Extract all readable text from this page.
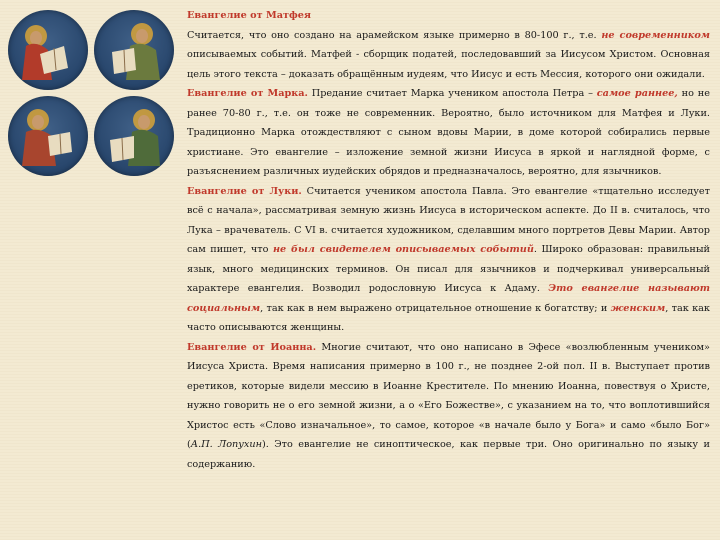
Евангелие от Матфея
Считается, что оно создано на арамейском языке примерно в 80-100 г., т.е. не современником описываемых событий. Матфей - сборщик податей, последовавший за Иисусом Христом. Основная цель этого текста – доказать обращённым иудеям, что Иисус и есть Мессия, которого они ожидали.

Евангелие от Марка. Предание считает Марка учеником апостола Петра – самое раннее, но не ранее 70-80 г., т.е. он тоже не современник. Вероятно, было источником для Матфея и Луки. Традиционно Марка отождествляют с сыном вдовы Марии, в доме которой собирались первые христиане. Это евангелие – изложение земной жизни Иисуса в яркой и наглядной форме, с разъяснением различных иудейских обрядов и предназначалось, вероятно, для язычников.

Евангелие от Луки. Считается учеником апостола Павла. Это евангелие «тщательно исследует всё с начала», рассматривая земную жизнь Иисуса в историческом аспекте. До II в. считалось, что Лука – врачеватель. С VI в. считается художником, сделавшим много портретов Девы Марии. Автор сам пишет, что не был свидетелем описываемых событий. Широко образован: правильный язык, много медицинских терминов. Он писал для язычников и подчеркивал универсальный характере евангелия. Возводил родословную Иисуса к Адаму. Это евангелие называют социальным, так как в нем выражено отрицательное отношение к богатству; и женским, так как часто описываются женщины.

Евангелие от Иоанна. Многие считают, что оно написано в Эфесе «возлюбленным учеником» Иисуса Христа. Время написания примерно в 100 г., не позднее 2-ой пол. II в. Выступает против еретиков, которые видели мессию в Иоанне Крестителе. По мнению Иоанна, повествуя о Христе, нужно говорить не о его земной жизни, а о «Его Божестве», с указанием на то, что воплотившийся Христос есть «Слово изначальное», то самое, которое «в начале было у Бога» и само «было Бог» (А.П. Лопухин). Это евангелие не синоптическое, как первые три. Оно оригинально по языку и содержанию.
